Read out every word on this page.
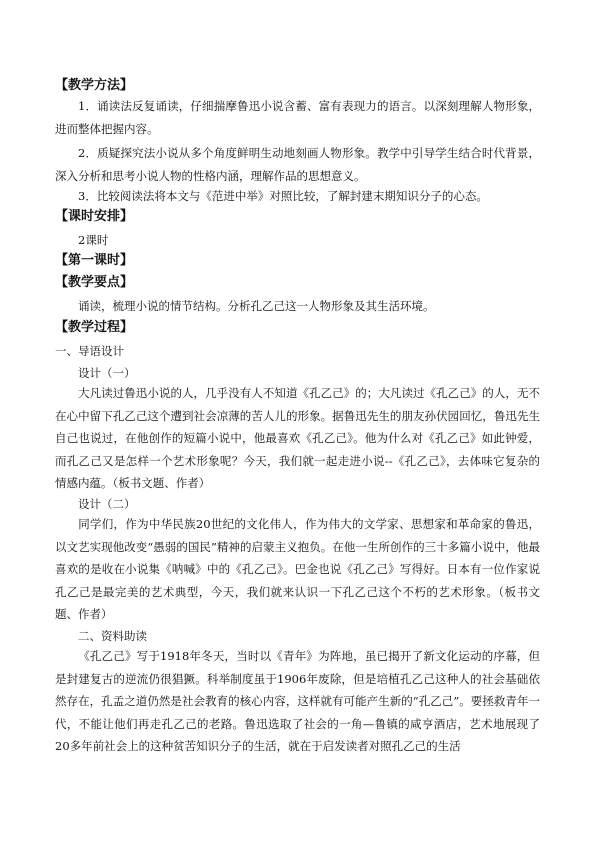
【教学方法】
1．诵读法反复诵读，仔细揣摩鲁迅小说含蓄、富有表现力的语言。以深刻理解人物形象，进而整体把握内容。
2．质疑探究法小说从多个角度鲜明生动地刻画人物形象。教学中引导学生结合时代背景，深入分析和思考小说人物的性格内涵，理解作品的思想意义。
3．比较阅读法将本文与《范进中举》对照比较，了解封建末期知识分子的心态。
【课时安排】
2课时
【第一课时】
【教学要点】
诵读，梳理小说的情节结构。分析孔乙己这一人物形象及其生活环境。
【教学过程】
一、导语设计
设计（一）
大凡读过鲁迅小说的人，几乎没有人不知道《孔乙己》的；大凡读过《孔乙己》的人，无不在心中留下孔乙己这个遭到社会凉薄的苦人儿的形象。据鲁迅先生的朋友孙伏园回忆，鲁迅先生自己也说过，在他创作的短篇小说中，他最喜欢《孔乙己》。他为什么对《孔乙己》如此钟爱，而孔乙己又是怎样一个艺术形象呢？今天，我们就一起走进小说--《孔乙己》，去体味它复杂的情感内蕴。（板书文题、作者）
设计（二）
同学们，作为中华民族20世纪的文化伟人，作为伟大的文学家、思想家和革命家的鲁迅，以文艺实现他改变“愚弱的国民”精神的启蒙主义抱负。在他一生所创作的三十多篇小说中，他最喜欢的是收在小说集《呐喊》中的《孔乙己》。巴金也说《孔乙己》写得好。日本有一位作家说孔乙己是最完美的艺术典型，今天，我们就来认识一下孔乙己这个不朽的艺术形象。（板书文题、作者）
二、资料助读
《孔乙己》写于1918年冬天，当时以《青年》为阵地，虽已揭开了新文化运动的序幕，但是封建复古的逆流仍很猖獗。科举制度虽于1906年废除，但是培植孔乙己这种人的社会基础依然存在，孔孟之道仍然是社会教育的核心内容，这样就有可能产生新的“孔乙己”。要拯救青年一代，不能让他们再走孔乙己的老路。鲁迅选取了社会的一角—鲁镇的咸亨酒店，艺术地展现了20多年前社会上的这种贫苦知识分子的生活，就在于启发读者对照孔乙己的生活
